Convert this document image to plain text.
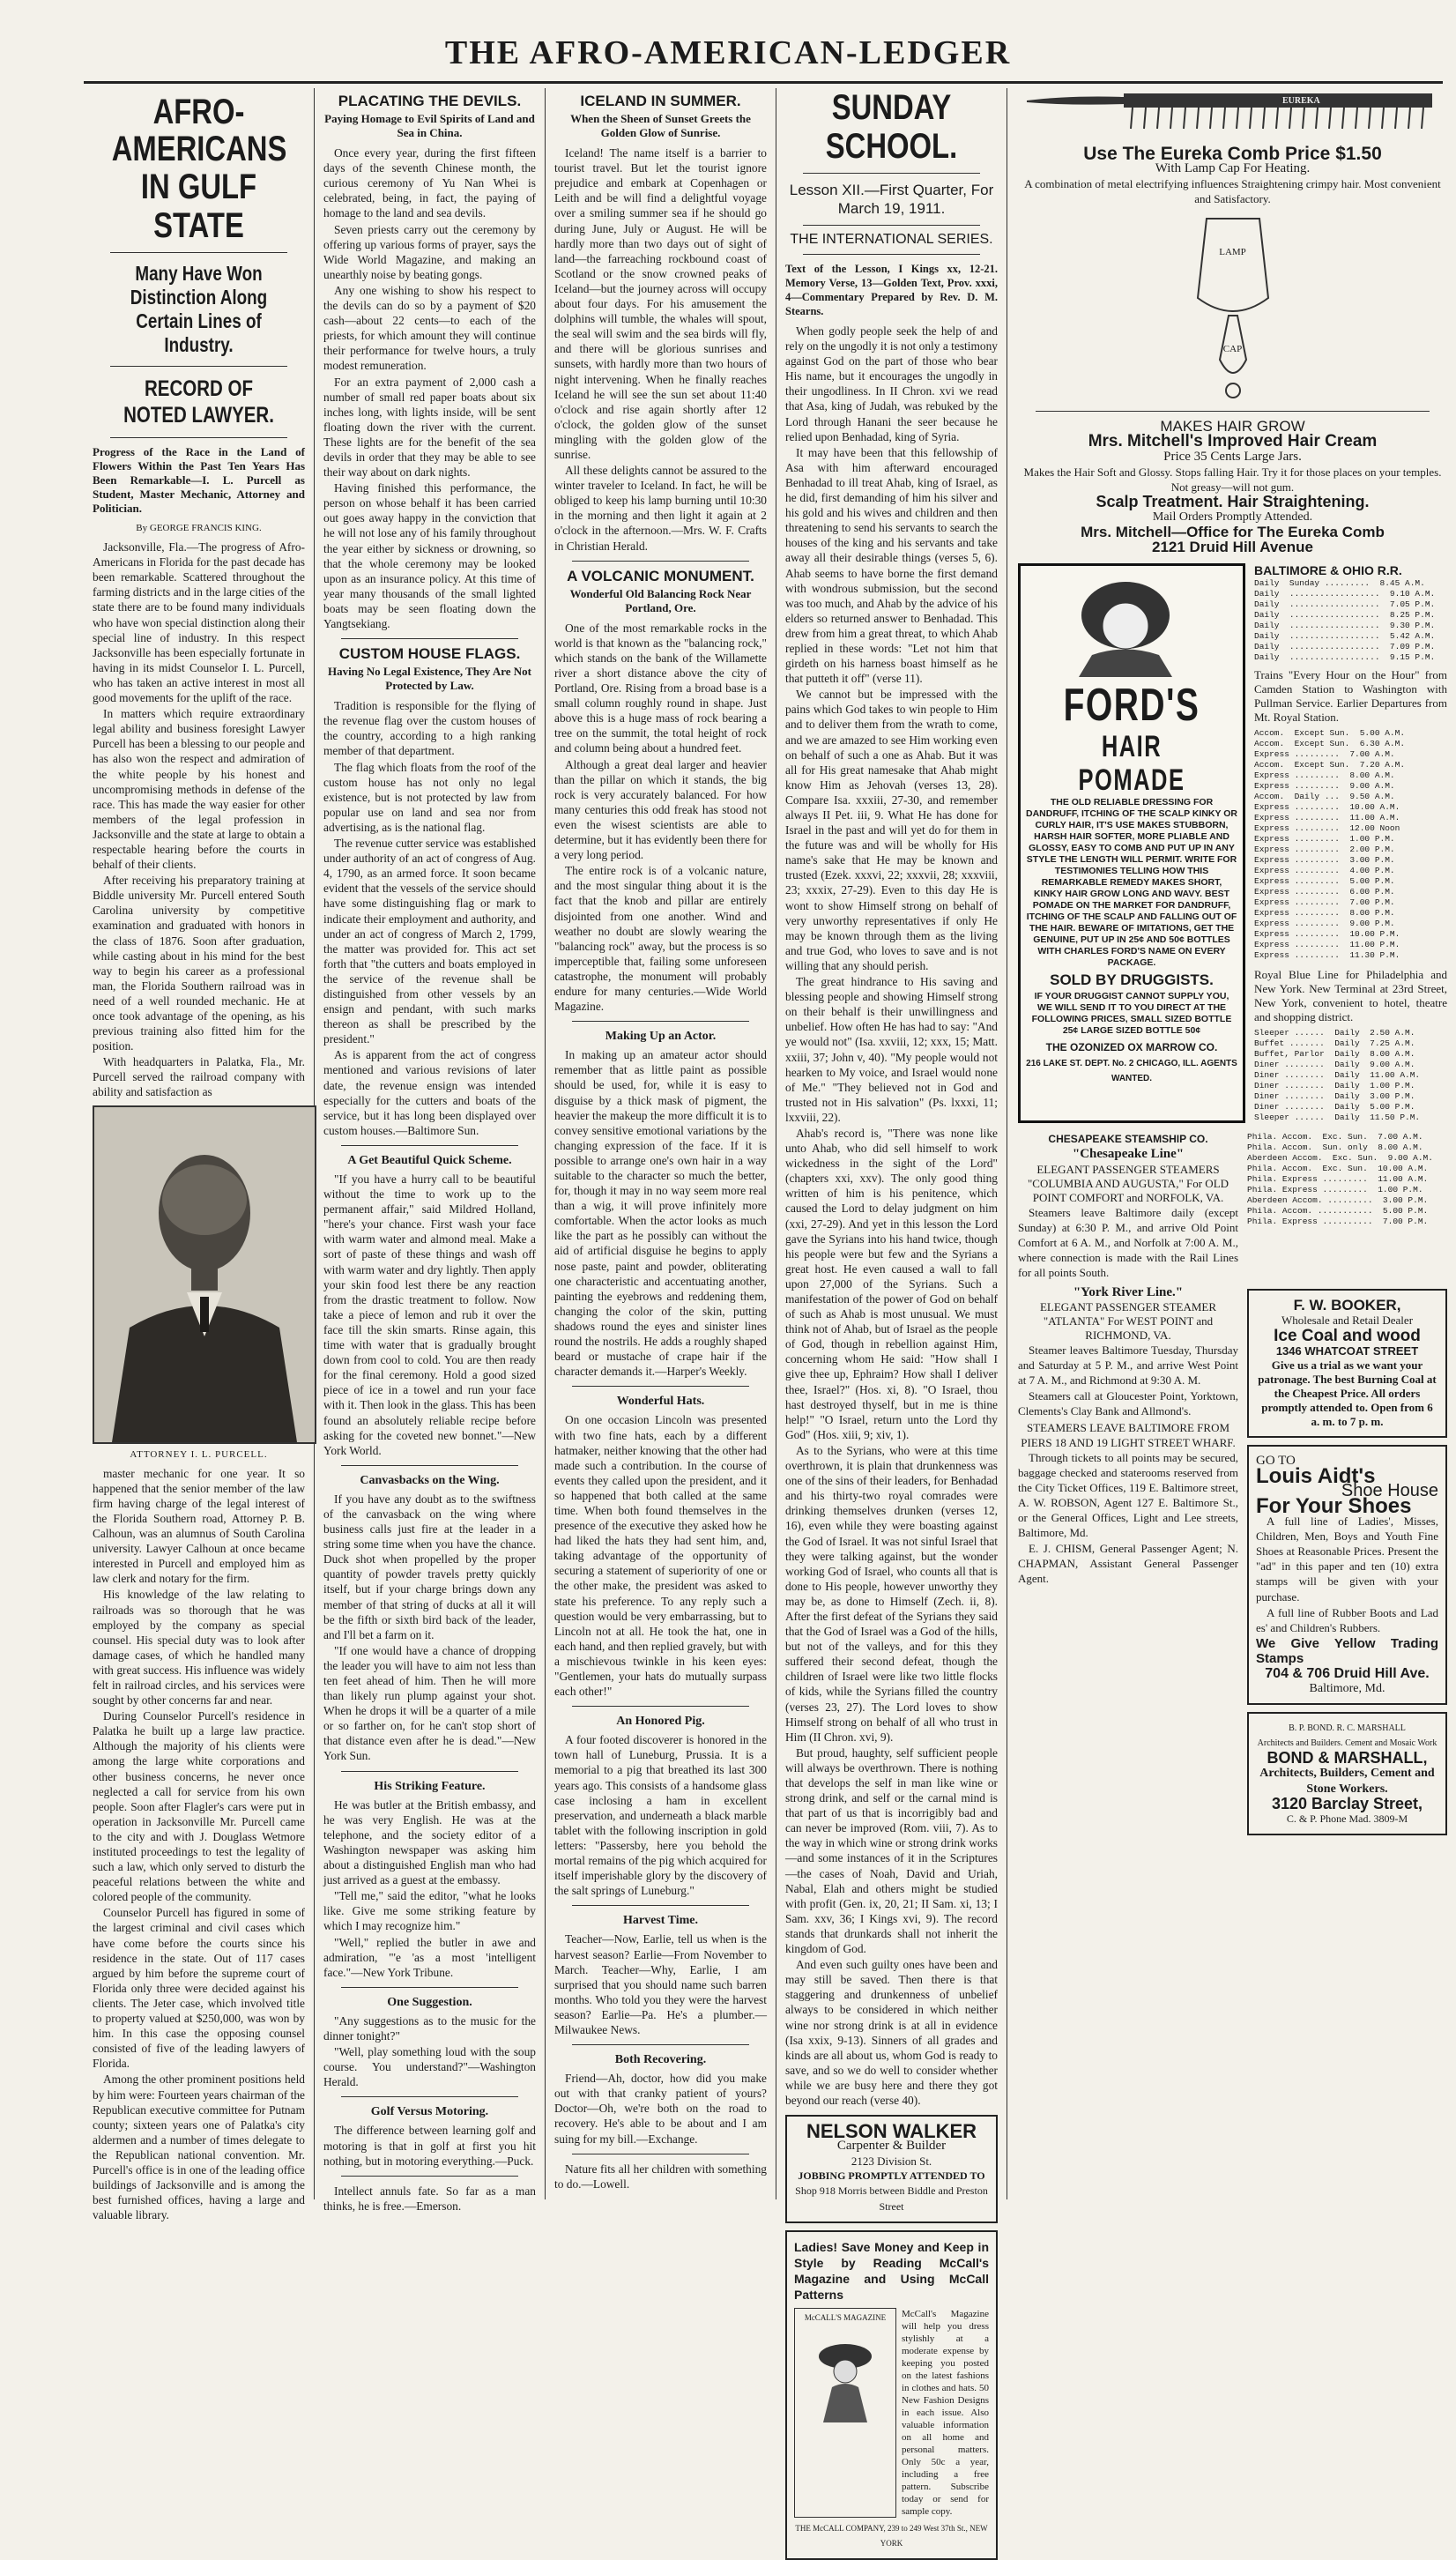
THE AFRO-AMERICAN-LEDGER
AFRO-AMERICANS
IN GULF STATE
Many Have Won Distinction Along Certain Lines of Industry.
RECORD OF NOTED LAWYER.
Progress of the Race in the Land of Flowers Within the Past Ten Years Has Been Remarkable—I. L. Purcell as Student, Master Mechanic, Attorney and Politician.
By GEORGE FRANCIS KING.

Jacksonville, Fla.—The progress of Afro-Americans in Florida for the past decade has been remarkable. Scattered throughout the farming districts and in the large cities of the state there are to be found many individuals who have won special distinction along their special line of industry. In this respect Jacksonville has been especially fortunate in having in its midst Counselor I. L. Purcell, who has taken an active interest in most all good movements for the uplift of the race.

In matters which require extraordinary legal ability and business foresight Lawyer Purcell has been a blessing to our people and has also won the respect and admiration of the white people by his honest and uncompromising methods in defense of the race. This has made the way easier for other members of the legal profession in Jacksonville and the state at large to obtain a respectable hearing before the courts in behalf of their clients.

After receiving his preparatory training at Biddle university Mr. Purcell entered South Carolina university by competitive examination and graduated with honors in the class of 1876. Soon after graduation, while casting about in his mind for the best way to begin his career as a professional man, the Florida Southern railroad was in need of a well rounded mechanic. He at once took advantage of the opening, as his previous training also fitted him for the position.

With headquarters in Palatka, Fla., Mr. Purcell served the railroad company with ability and satisfaction as

ATTORNEY I. L. PURCELL.

master mechanic for one year. It so happened that the senior member of the law firm having charge of the legal interest of the Florida Southern road, Attorney P. B. Calhoun, was an alumnus of South Carolina university. Lawyer Calhoun at once became interested in Purcell and employed him as law clerk and notary for the firm.

His knowledge of the law relating to railroads was so thorough that he was employed by the company as special counsel. His special duty was to look after damage cases, of which he handled many with great success. His influence was widely felt in railroad circles, and his services were sought by other concerns far and near.

During Counselor Purcell's residence in Palatka he built up a large law practice. Although the majority of his clients were among the large white corporations and other business concerns, he never once neglected a call for service from his own people. Soon after Flagler's cars were put in operation in Jacksonville Mr. Purcell came to the city and with J. Douglass Wetmore instituted proceedings to test the legality of such a law, which only served to disturb the peaceful relations between the white and colored people of the community.

Counselor Purcell has figured in some of the largest criminal and civil cases which have come before the courts since his residence in the state. Out of 117 cases argued by him before the supreme court of Florida only three were decided against his clients. The Jeter case, which involved title to property valued at $250,000, was won by him. In this case the opposing counsel consisted of five of the leading lawyers of Florida.

Among the other prominent positions held by him were: Fourteen years chairman of the Republican executive committee for Putnam county; sixteen years one of Palatka's city aldermen and a number of times delegate to the Republican national convention. Mr. Purcell's office is in one of the leading office buildings of Jacksonville and is among the best furnished offices, having a large and valuable library.

PLACATING THE DEVILS.
Paying Homage to Evil Spirits of Land and Sea in China.

Once every year, during the first fifteen days of the seventh Chinese month, the curious ceremony of Yu Nan Whei is celebrated, being, in fact, the paying of homage to the land and sea devils.

Seven priests carry out the ceremony by offering up various forms of prayer, says the Wide World Magazine, and making an unearthly noise by beating gongs.

Any one wishing to show his respect to the devils can do so by a payment of $20 cash—about 22 cents—to each of the priests, for which amount they will continue their performance for twelve hours, a truly modest remuneration.

For an extra payment of 2,000 cash a number of small red paper boats about six inches long, with lights inside, will be sent floating down the river with the current. These lights are for the benefit of the sea devils in order that they may be able to see their way about on dark nights.

Having finished this performance, the person on whose behalf it has been carried out goes away happy in the conviction that he will not lose any of his family throughout the year either by sickness or drowning, so that the whole ceremony may be looked upon as an insurance policy. At this time of year many thousands of the small lighted boats may be seen floating down the Yangtsekiang.

CUSTOM HOUSE FLAGS.
Having No Legal Existence, They Are Not Protected by Law.

Tradition is responsible for the flying of the revenue flag over the custom houses of the country, according to a high ranking member of that department.

The flag which floats from the roof of the custom house has not only no legal existence, but is not protected by law from popular use on land and sea nor from advertising, as is the national flag.

The revenue cutter service was established under authority of an act of congress of Aug. 4, 1790, as an armed force. It soon became evident that the vessels of the service should have some distinguishing flag or mark to indicate their employment and authority, and under an act of congress of March 2, 1799, the matter was provided for. This act set forth that "the cutters and boats employed in the service of the revenue shall be distinguished from other vessels by an ensign and pendant, with such marks thereon as shall be prescribed by the president."

As is apparent from the act of congress mentioned and various revisions of later date, the revenue ensign was intended especially for the cutters and boats of the service, but it has long been displayed over custom houses.—Baltimore Sun.

A Get Beautiful Quick Scheme.

"If you have a hurry call to be beautiful without the time to work up to the permanent affair," said Mildred Holland, "here's your chance. First wash your face with warm water and almond meal. Make a sort of paste of these things and wash off with warm water and dry lightly. Then apply your skin food lest there be any reaction from the drastic treatment to follow. Now take a piece of lemon and rub it over the face till the skin smarts. Rinse again, this time with water that is gradually brought down from cool to cold. You are then ready for the final ceremony. Hold a good sized piece of ice in a towel and run your face with it. Then look in the glass. This has been found an absolutely reliable recipe before asking for the coveted new bonnet."—New York World.

Canvasbacks on the Wing.

If you have any doubt as to the swiftness of the canvasback on the wing where business calls just fire at the leader in a string some time when you have the chance. Duck shot when propelled by the proper quantity of powder travels pretty quickly itself, but if your charge brings down any member of that string of ducks at all it will be the fifth or sixth bird back of the leader, and I'll bet a farm on it.

"If one would have a chance of dropping the leader you will have to aim not less than ten feet ahead of him. Then he will more than likely run plump against your shot. When he drops it will be a quarter of a mile or so farther on, for he can't stop short of that distance even after he is dead."—New York Sun.

His Striking Feature.

He was butler at the British embassy, and he was very English. He was at the telephone, and the society editor of a Washington newspaper was asking him about a distinguished English man who had just arrived as a guest at the embassy.

"Tell me," said the editor, "what he looks like. Give me some striking feature by which I may recognize him."

"Well," replied the butler in awe and admiration, "'e 'as a most 'intelligent face."—New York Tribune.

One Suggestion.

"Any suggestions as to the music for the dinner tonight?"

"Well, play something loud with the soup course. You understand?"—Washington Herald.

Golf Versus Motoring.

The difference between learning golf and motoring is that in golf at first you hit nothing, but in motoring everything.—Puck.

Intellect annuls fate. So far as a man thinks, he is free.—Emerson.

ICELAND IN SUMMER.
When the Sheen of Sunset Greets the Golden Glow of Sunrise.

Iceland! The name itself is a barrier to tourist travel. But let the tourist ignore prejudice and embark at Copenhagen or Leith and be will find a delightful voyage over a smiling summer sea if he should go during June, July or August. He will be hardly more than two days out of sight of land—the farreaching rockbound coast of Scotland or the snow crowned peaks of Iceland—but the journey across will occupy about four days. For his amusement the dolphins will tumble, the whales will spout, the seal will swim and the sea birds will fly, and there will be glorious sunrises and sunsets, with hardly more than two hours of night intervening. When he finally reaches Iceland he will see the sun set about 11:40 o'clock and rise again shortly after 12 o'clock, the golden glow of the sunset mingling with the golden glow of the sunrise.

All these delights cannot be assured to the winter traveler to Iceland. In fact, he will be obliged to keep his lamp burning until 10:30 in the morning and then light it again at 2 o'clock in the afternoon.—Mrs. W. F. Crafts in Christian Herald.

A VOLCANIC MONUMENT.
Wonderful Old Balancing Rock Near Portland, Ore.

One of the most remarkable rocks in the world is that known as the "balancing rock," which stands on the bank of the Willamette river a short distance above the city of Portland, Ore. Rising from a broad base is a small column roughly round in shape. Just above this is a huge mass of rock bearing a tree on the summit, the total height of rock and column being about a hundred feet.

Although a great deal larger and heavier than the pillar on which it stands, the big rock is very accurately balanced. For how many centuries this odd freak has stood not even the wisest scientists are able to determine, but it has evidently been there for a very long period.

The entire rock is of a volcanic nature, and the most singular thing about it is the fact that the knob and pillar are entirely disjointed from one another. Wind and weather no doubt are slowly wearing the "balancing rock" away, but the process is so imperceptible that, failing some unforeseen catastrophe, the monument will probably endure for many centuries.—Wide World Magazine.

Making Up an Actor.

In making up an amateur actor should remember that as little paint as possible should be used, for, while it is easy to disguise by a thick mask of pigment, the heavier the makeup the more difficult it is to convey sensitive emotional variations by the changing expression of the face. If it is possible to arrange one's own hair in a way suitable to the character so much the better, for, though it may in no way seem more real than a wig, it will prove infinitely more comfortable. When the actor looks as much like the part as he possibly can without the aid of artificial disguise he begins to apply nose paste, paint and powder, obliterating one characteristic and accentuating another, painting the eyebrows and reddening them, changing the color of the skin, putting shadows round the eyes and sinister lines round the nostrils. He adds a roughly shaped beard or mustache of crape hair if the character demands it.—Harper's Weekly.

Wonderful Hats.

On one occasion Lincoln was presented with two fine hats, each by a different hatmaker, neither knowing that the other had made such a contribution. In the course of events they called upon the president, and it so happened that both called at the same time. When both found themselves in the presence of the executive they asked how he had liked the hats they had sent him, and, taking advantage of the opportunity of securing a statement of superiority of one or the other make, the president was asked to state his preference. To any reply such a question would be very embarrassing, but to Lincoln not at all. He took the hat, one in each hand, and then replied gravely, but with a mischievous twinkle in his keen eyes: "Gentlemen, your hats do mutually surpass each other!"

An Honored Pig.

A four footed discoverer is honored in the town hall of Luneburg, Prussia. It is a memorial to a pig that breathed its last 300 years ago. This consists of a handsome glass case inclosing a ham in excellent preservation, and underneath a black marble tablet with the following inscription in gold letters: "Passersby, here you behold the mortal remains of the pig which acquired for itself imperishable glory by the discovery of the salt springs of Luneburg."

Harvest Time.

Teacher—Now, Earlie, tell us when is the harvest season? Earlie—From November to March. Teacher—Why, Earlie, I am surprised that you should name such barren months. Who told you they were the harvest season? Earlie—Pa. He's a plumber.—Milwaukee News.

Both Recovering.

Friend—Ah, doctor, how did you make out with that cranky patient of yours? Doctor—Oh, we're both on the road to recovery. He's able to be about and I am suing for my bill.—Exchange.

Nature fits all her children with something to do.—Lowell.

SUNDAY SCHOOL.
Lesson XII.—First Quarter, For March 19, 1911.
THE INTERNATIONAL SERIES.
Text of the Lesson, I Kings xx, 12-21. Memory Verse, 13—Golden Text, Prov. xxxi, 4—Commentary Prepared by Rev. D. M. Stearns.

When godly people seek the help of and rely on the ungodly it is not only a testimony against God on the part of those who bear His name, but it encourages the ungodly in their ungodliness. In II Chron. xvi we read that Asa, king of Judah, was rebuked by the Lord through Hanani the seer because he relied upon Benhadad, king of Syria.

It may have been that this fellowship of Asa with him afterward encouraged Benhadad to ill treat Ahab, king of Israel, as he did, first demanding of him his silver and his gold and his wives and children and then threatening to send his servants to search the houses of the king and his servants and take away all their desirable things (verses 5, 6). Ahab seems to have borne the first demand with wondrous submission, but the second was too much, and Ahab by the advice of his elders so returned answer to Benhadad. This drew from him a great threat, to which Ahab replied in these words: "Let not him that girdeth on his harness boast himself as he that putteth it off" (verse 11).

We cannot but be impressed with the pains which God takes to win people to Him and to deliver them from the wrath to come, and we are amazed to see Him working even on behalf of such a one as Ahab. But it was all for His great namesake that Ahab might know Him as Jehovah (verses 13, 28). Compare Isa. xxxiii, 27-30, and remember always II Pet. iii, 9. What He has done for Israel in the past and will yet do for them in the future was and will be wholly for His name's sake that He may be known and trusted (Ezek. xxxvi, 22; xxxvii, 28; xxxviii, 23; xxxix, 27-29). Even to this day He is wont to show Himself strong on behalf of very unworthy representatives if only He may be known through them as the living and true God, who loves to save and is not willing that any should perish.

The great hindrance to His saving and blessing people and showing Himself strong on their behalf is their unwillingness and unbelief. How often He has had to say: "And ye would not" (Isa. xxviii, 12; xxx, 15; Matt. xxiii, 37; John v, 40). "My people would not hearken to My voice, and Israel would none of Me." "They believed not in God and trusted not in His salvation" (Ps. lxxxi, 11; lxxviii, 22).

Ahab's record is, "There was none like unto Ahab, who did sell himself to work wickedness in the sight of the Lord" (chapters xxi, xxv). The only good thing written of him is his penitence, which caused the Lord to delay judgment on him (xxi, 27-29). And yet in this lesson the Lord gave the Syrians into his hand twice, though his people were but few and the Syrians a great host. He even caused a wall to fall upon 27,000 of the Syrians. Such a manifestation of the power of God on behalf of such as Ahab is most unusual. We must think not of Ahab, but of Israel as the people of God, though in rebellion against Him, concerning whom He said: "How shall I give thee up, Ephraim? How shall I deliver thee, Israel?" (Hos. xi, 8). "O Israel, thou hast destroyed thyself, but in me is thine help!" "O Israel, return unto the Lord thy God" (Hos. xiii, 9; xiv, 1).

As to the Syrians, who were at this time overthrown, it is plain that drunkenness was one of the sins of their leaders, for Benhadad and his thirty-two royal comrades were drinking themselves drunken (verses 12, 16), even while they were boasting against the God of Israel. It was not sinful Israel that they were talking against, but the wonder working God of Israel, who counts all that is done to His people, however unworthy they may be, as done to Himself (Zech. ii, 8). After the first defeat of the Syrians they said that the God of Israel was a God of the hills, but not of the valleys, and for this they suffered their second defeat, though the children of Israel were like two little flocks of kids, while the Syrians filled the country (verses 23, 27). The Lord loves to show Himself strong on behalf of all who trust in Him (II Chron. xvi, 9).

But proud, haughty, self sufficient people will always be overthrown. There is nothing that develops the self in man like wine or strong drink, and self or the carnal mind is that part of us that is incorrigibly bad and can never be improved (Rom. viii, 7). As to the way in which wine or strong drink works—and some instances of it in the Scriptures—the cases of Noah, David and Uriah, Nabal, Elah and others might be studied with profit (Gen. ix, 20, 21; II Sam. xi, 13; I Sam. xxv, 36; I Kings xvi, 9). The record stands that drunkards shall not inherit the kingdom of God.

And even such guilty ones have been and may still be saved. Then there is that staggering and drunkenness of unbelief always to be considered in which neither wine nor strong drink is at all in evidence (Isa xxix, 9-13). Sinners of all grades and kinds are all about us, whom God is ready to save, and so we do well to consider whether while we are busy here and there they got beyond our reach (verse 40).

NELSON WALKER
Carpenter & Builder
2123 Division St.
JOBBING PROMPTLY ATTENDED TO
Shop 918 Morris between Biddle and Preston Street
Ladies! Save Money and Keep in Style by Reading McCall's Magazine and Using McCall Patterns
McCALL'S MAGAZINE	McCall's Magazine will help you dress stylishly at a moderate expense by keeping you posted on the latest fashions in clothes and hats. 50 New Fashion Designs in each issue. Also valuable information on all home and personal matters. Only 50c a year, including a free pattern. Subscribe today or send for sample copy.
THE McCALL COMPANY, 239 to 249 West 37th St., NEW YORK
EUREKA
Use The Eureka Comb Price $1.50
With Lamp Cap For Heating.
A combination of metal electrifying influences Straightening crimpy hair. Most convenient and Satisfactory.
LAMP
CAP
MAKES HAIR GROW
Mrs. Mitchell's Improved Hair Cream
Price 35 Cents Large Jars.
Makes the Hair Soft and Glossy. Stops falling Hair. Try it for those places on your temples. Not greasy—will not gum.
Scalp Treatment. Hair Straightening.
Mail Orders Promptly Attended.
Mrs. Mitchell—Office for The Eureka Comb
2121 Druid Hill Avenue
FORD'S
HAIR POMADE
THE OLD RELIABLE DRESSING FOR DANDRUFF, ITCHING OF THE SCALP KINKY OR CURLY HAIR, IT'S USE MAKES STUBBORN, HARSH HAIR SOFTER, MORE PLIABLE AND GLOSSY, EASY TO COMB AND PUT UP IN ANY STYLE THE LENGTH WILL PERMIT. WRITE FOR TESTIMONIES TELLING HOW THIS REMARKABLE REMEDY MAKES SHORT, KINKY HAIR GROW LONG AND WAVY. BEST POMADE ON THE MARKET FOR DANDRUFF, ITCHING OF THE SCALP AND FALLING OUT OF THE HAIR. BEWARE OF IMITATIONS, GET THE GENUINE, PUT UP IN 25¢ AND 50¢ BOTTLES WITH CHARLES FORD'S NAME ON EVERY PACKAGE.
SOLD BY DRUGGISTS.
IF YOUR DRUGGIST CANNOT SUPPLY YOU, WE WILL SEND IT TO YOU DIRECT AT THE FOLLOWING PRICES, SMALL SIZED BOTTLE 25¢ LARGE SIZED BOTTLE 50¢
THE OZONIZED OX MARROW CO.
216 LAKE ST. DEPT. No. 2 CHICAGO, ILL. AGENTS WANTED.
BALTIMORE & OHIO R.R.
Daily  Sunday .........  8.45 A.M.
Daily  ..................  9.10 A.M.
Daily  ..................  7.05 P.M.
Daily  ..................  8.25 P.M.
Daily  ..................  9.30 P.M.
Daily  ..................  5.42 A.M.
Daily  ..................  7.09 P.M.
Daily  ..................  9.15 P.M.
Trains "Every Hour on the Hour" from Camden Station to Washington with Pullman Service. Earlier Departures from Mt. Royal Station.
Accom.  Except Sun.  5.00 A.M.
Accom.  Except Sun.  6.30 A.M.
Express .........  7.00 A.M.
Accom.  Except Sun.  7.20 A.M.
Express .........  8.00 A.M.
Express .........  9.00 A.M.
Accom.  Daily ...  9.50 A.M.
Express .........  10.00 A.M.
Express .........  11.00 A.M.
Express .........  12.00 Noon
Express .........  1.00 P.M.
Express .........  2.00 P.M.
Express .........  3.00 P.M.
Express .........  4.00 P.M.
Express .........  5.00 P.M.
Express .........  6.00 P.M.
Express .........  7.00 P.M.
Express .........  8.00 P.M.
Express .........  9.00 P.M.
Express .........  10.00 P.M.
Express .........  11.00 P.M.
Express .........  11.30 P.M.
Royal Blue Line for Philadelphia and New York. New Terminal at 23rd Street, New York, convenient to hotel, theatre and shopping district.
Sleeper ......  Daily  2.50 A.M.
Buffet .......  Daily  7.25 A.M.
Buffet, Parlor  Daily  8.00 A.M.
Diner ........  Daily  9.00 A.M.
Diner ........  Daily  11.00 A.M.
Diner ........  Daily  1.00 P.M.
Diner ........  Daily  3.00 P.M.
Diner ........  Daily  5.00 P.M.
Sleeper ......  Daily  11.50 P.M.
CHESAPEAKE STEAMSHIP CO.
"Chesapeake Line"
ELEGANT PASSENGER STEAMERS "COLUMBIA AND AUGUSTA," For OLD POINT COMFORT and NORFOLK, VA.

Steamers leave Baltimore daily (except Sunday) at 6:30 P. M., and arrive Old Point Comfort at 6 A. M., and Norfolk at 7:00 A. M., where connection is made with the Rail Lines for all points South.

"York River Line."
ELEGANT PASSENGER STEAMER "ATLANTA" For WEST POINT and RICHMOND, VA.

Steamer leaves Baltimore Tuesday, Thursday and Saturday at 5 P. M., and arrive West Point at 7 A. M., and Richmond at 9:30 A. M.

Steamers call at Gloucester Point, Yorktown, Clements's Clay Bank and Allmond's.

STEAMERS LEAVE BALTIMORE FROM PIERS 18 AND 19 LIGHT STREET WHARF.

Through tickets to all points may be secured, baggage checked and staterooms reserved from the City Ticket Offices, 119 E. Baltimore street, A. W. ROBSON, Agent 127 E. Baltimore St., or the General Offices, Light and Lee streets, Baltimore, Md.

E. J. CHISM, General Passenger Agent; N. CHAPMAN, Assistant General Passenger Agent.

Phila. Accom.  Exc. Sun.  7.00 A.M.
Phila. Accom.  Sun. only  8.00 A.M.
Aberdeen Accom.  Exc. Sun.  9.00 A.M.
Phila. Accom.  Exc. Sun.  10.00 A.M.
Phila. Express .........  11.00 A.M.
Phila. Express .........  1.00 P.M.
Aberdeen Accom. .........  3.00 P.M.
Phila. Accom. ...........  5.00 P.M.
Phila. Express ..........  7.00 P.M.
F. W. BOOKER,
Wholesale and Retail Dealer
Ice Coal and wood
1346 WHATCOAT STREET
Give us a trial as we want your patronage. The best Burning Coal at the Cheapest Price. All orders promptly attended to. Open from 6 a. m. to 7 p. m.
GO TO
Louis Aidt's
Shoe House
For Your Shoes

A full line of Ladies', Misses, Children, Men, Boys and Youth Fine Shoes at Reasonable Prices. Present the "ad" in this paper and ten (10) extra stamps will be given with your purchase.

A full line of Rubber Boots and Lad es' and Children's Rubbers.

We Give Yellow Trading Stamps
704 & 706 Druid Hill Ave.
Baltimore, Md.
B. P. BOND. R. C. MARSHALL
Architects and Builders. Cement and Mosaic Work
BOND & MARSHALL,
Architects, Builders, Cement and Stone Workers.
3120 Barclay Street,
C. & P. Phone Mad. 3809-M
